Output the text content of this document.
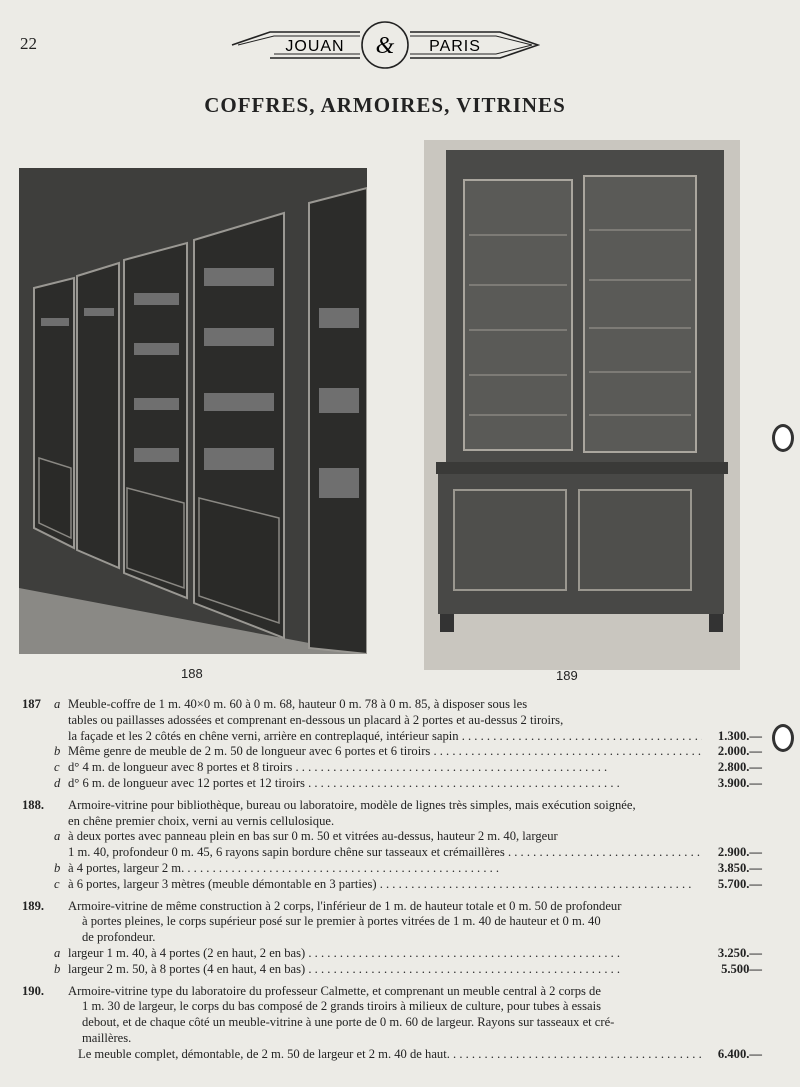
22	JOUAN & PARIS
COFFRES, ARMOIRES, VITRINES
188	189
187 a Meuble-coffre de 1 m. 40×0 m. 60 à 0 m. 68, hauteur 0 m. 78 à 0 m. 85, à disposer sous les
tables ou paillasses adossées et comprenant en-dessous un placard à 2 portes et au-dessus 2 tiroirs,
la façade et les 2 côtés en chêne verni, arrière en contreplaqué, intérieur sapin . . .	1.300.—
b Même genre de meuble de 2 m. 50 de longueur avec 6 portes et 6 tiroirs . . .	2.000.—
c d° 4 m. de longueur avec 8 portes et 8 tiroirs . . .	2.800.—
d d° 6 m. de longueur avec 12 portes et 12 tiroirs . . .	3.900.—
188. Armoire-vitrine pour bibliothèque, bureau ou laboratoire, modèle de lignes très simples, mais exécution soignée,
en chêne premier choix, verni au vernis cellulosique.
a à deux portes avec panneau plein en bas sur 0 m. 50 et vitrées au-dessus, hauteur 2 m. 40, largeur
1 m. 40, profondeur 0 m. 45, 6 rayons sapin bordure chêne sur tasseaux et crémaillères . . .	2.900.—
b à 4 portes, largeur 2 m. . . .	3.850.—
c à 6 portes, largeur 3 mètres (meuble démontable en 3 parties) . . .	5.700.—
189. Armoire-vitrine de même construction à 2 corps, l'inférieur de 1 m. de hauteur totale et 0 m. 50 de profondeur
à portes pleines, le corps supérieur posé sur le premier à portes vitrées de 1 m. 40 de hauteur et 0 m. 40
de profondeur.
a largeur 1 m. 40, à 4 portes (2 en haut, 2 en bas) . . .	3.250.—
b largeur 2 m. 50, à 8 portes (4 en haut, 4 en bas) . . .	5.500—
190. Armoire-vitrine type du laboratoire du professeur Calmette, et comprenant un meuble central à 2 corps de
1 m. 30 de largeur, le corps du bas composé de 2 grands tiroirs à milieux de culture, pour tubes à essais
debout, et de chaque côté un meuble-vitrine à une porte de 0 m. 60 de largeur. Rayons sur tasseaux et cré-
maillères.
Le meuble complet, démontable, de 2 m. 50 de largeur et 2 m. 40 de haut. . . .	6.400.—
